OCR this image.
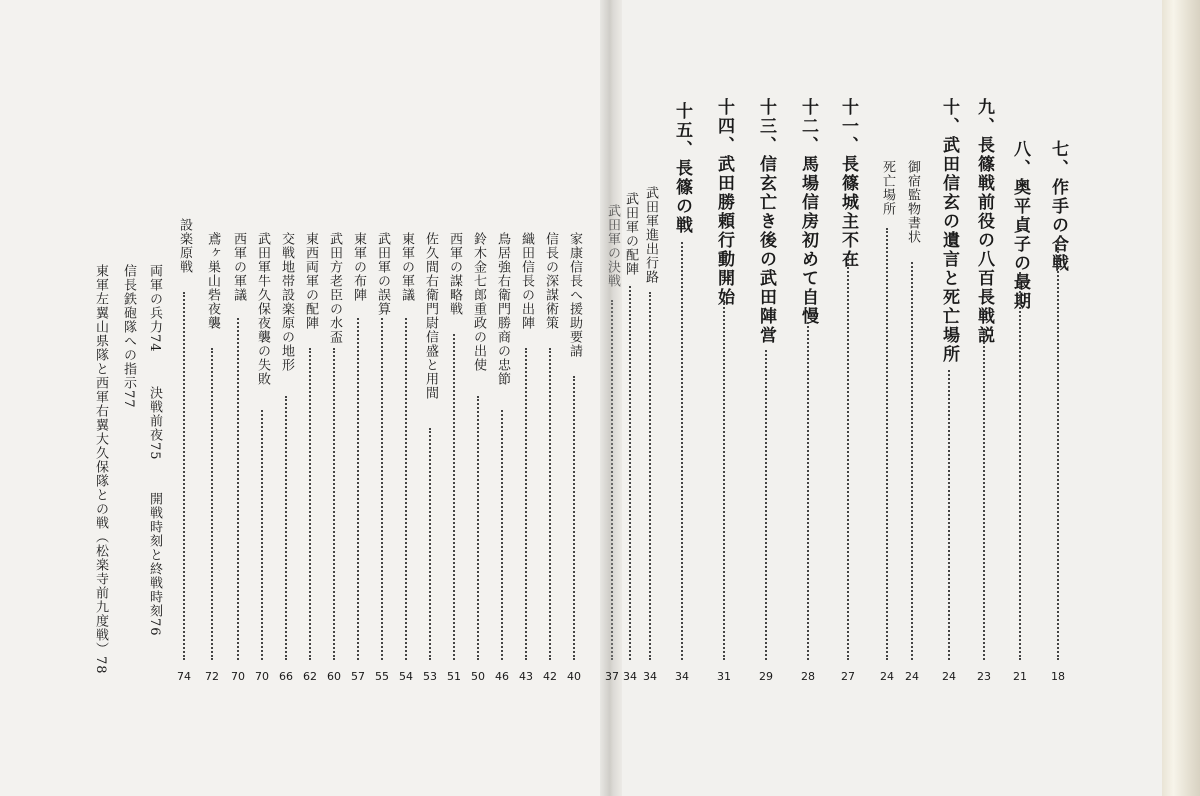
七、作手の合戦
18
八、奥平貞子の最期
21
九、長篠戦前役の八百長戦説
23
十、武田信玄の遺言と死亡場所
24
御宿監物書状
24
死亡場所
24
十一、長篠城主不在
27
十二、馬場信房初めて自慢
28
十三、信玄亡き後の武田陣営
29
十四、武田勝頼行動開始
31
十五、長篠の戦
34
武田軍進出行路
34
武田軍の配陣
34
武田軍の決戦
37
家康信長へ援助要請
40
信長の深謀術策
42
織田信長の出陣
43
鳥居強右衛門勝商の忠節
46
鈴木金七郎重政の出使
50
西軍の謀略戦
51
佐久間右衛門尉信盛と用間
53
東軍の軍議
54
武田軍の誤算
55
東軍の布陣
57
武田方老臣の水盃
60
東西両軍の配陣
62
交戦地帯設楽原の地形
66
武田軍牛久保夜襲の失敗
70
西軍の軍議
70
鳶ヶ巣山砦夜襲
72
設楽原戦
74
両軍の兵力74
決戦前夜75
開戦時刻と終戦時刻76
信長鉄砲隊への指示77
東軍左翼山県隊と西軍右翼大久保隊との戦（松楽寺前九度戦）78
